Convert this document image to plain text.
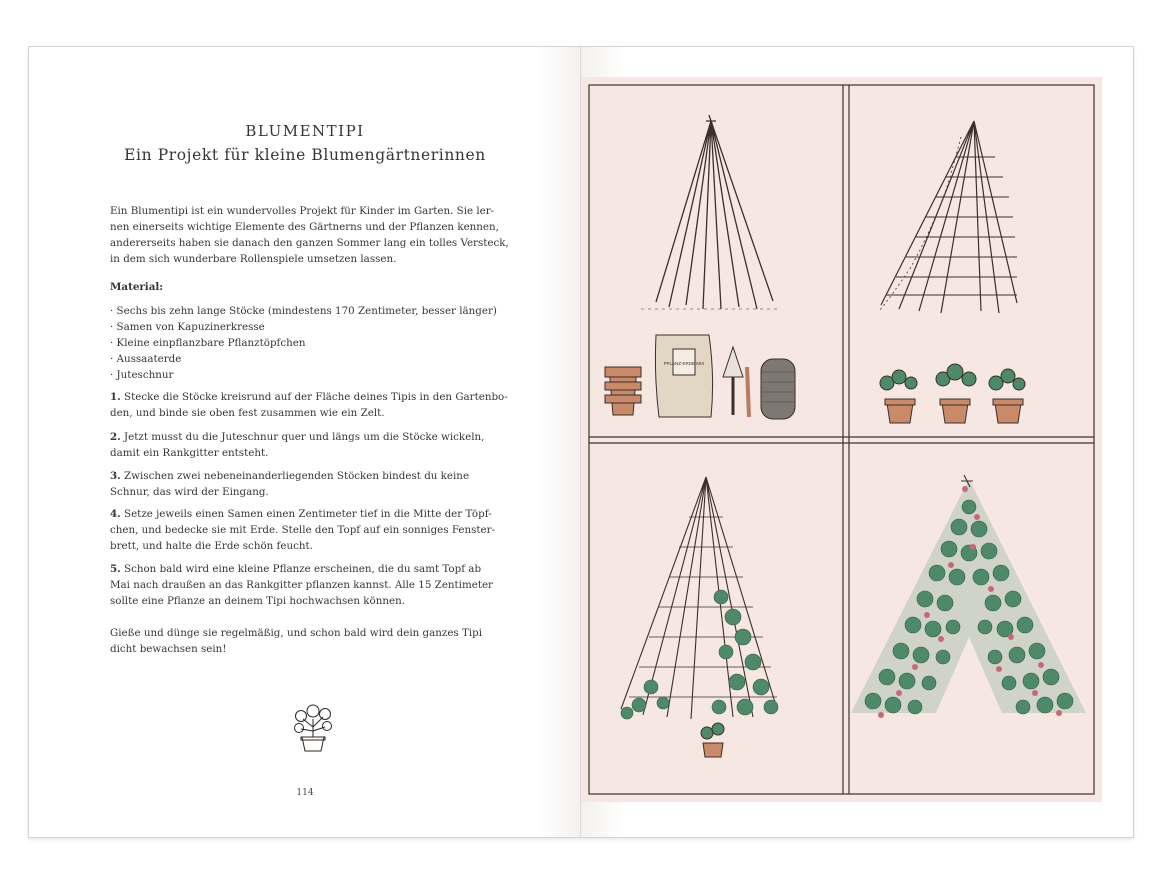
BLUMENTIPI
Ein Projekt für kleine Blumengärtnerinnen
Ein Blumentipi ist ein wundervolles Projekt für Kinder im Garten. Sie ler-
nen einerseits wichtige Elemente des Gärtnerns und der Pflanzen kennen,
andererseits haben sie danach den ganzen Sommer lang ein tolles Versteck,
in dem sich wunderbare Rollenspiele umsetzen lassen.
Material:
· Sechs bis zehn lange Stöcke (mindestens 170 Zentimeter, besser länger)
· Samen von Kapuzinerkresse
· Kleine einpflanzbare Pflanztöpfchen
· Aussaaterde
· Juteschnur
1. Stecke die Stöcke kreisrund auf der Fläche deines Tipis in den Gartenbo-
den, und binde sie oben fest zusammen wie ein Zelt.
2. Jetzt musst du die Juteschnur quer und längs um die Stöcke wickeln,
damit ein Rankgitter entsteht.
3. Zwischen zwei nebeneinanderliegenden Stöcken bindest du keine
Schnur, das wird der Eingang.
4. Setze jeweils einen Samen einen Zentimeter tief in die Mitte der Töpf-
chen, und bedecke sie mit Erde. Stelle den Topf auf ein sonniges Fenster-
brett, und halte die Erde schön feucht.
5. Schon bald wird eine kleine Pflanze erscheinen, die du samt Topf ab
Mai nach draußen an das Rankgitter pflanzen kannst. Alle 15 Zentimeter
sollte eine Pflanze an deinem Tipi hochwachsen können.
Gieße und dünge sie regelmäßig, und schon bald wird dein ganzes Tipi
dicht bewachsen sein!
114
PFLANZ-ERDE MIX
